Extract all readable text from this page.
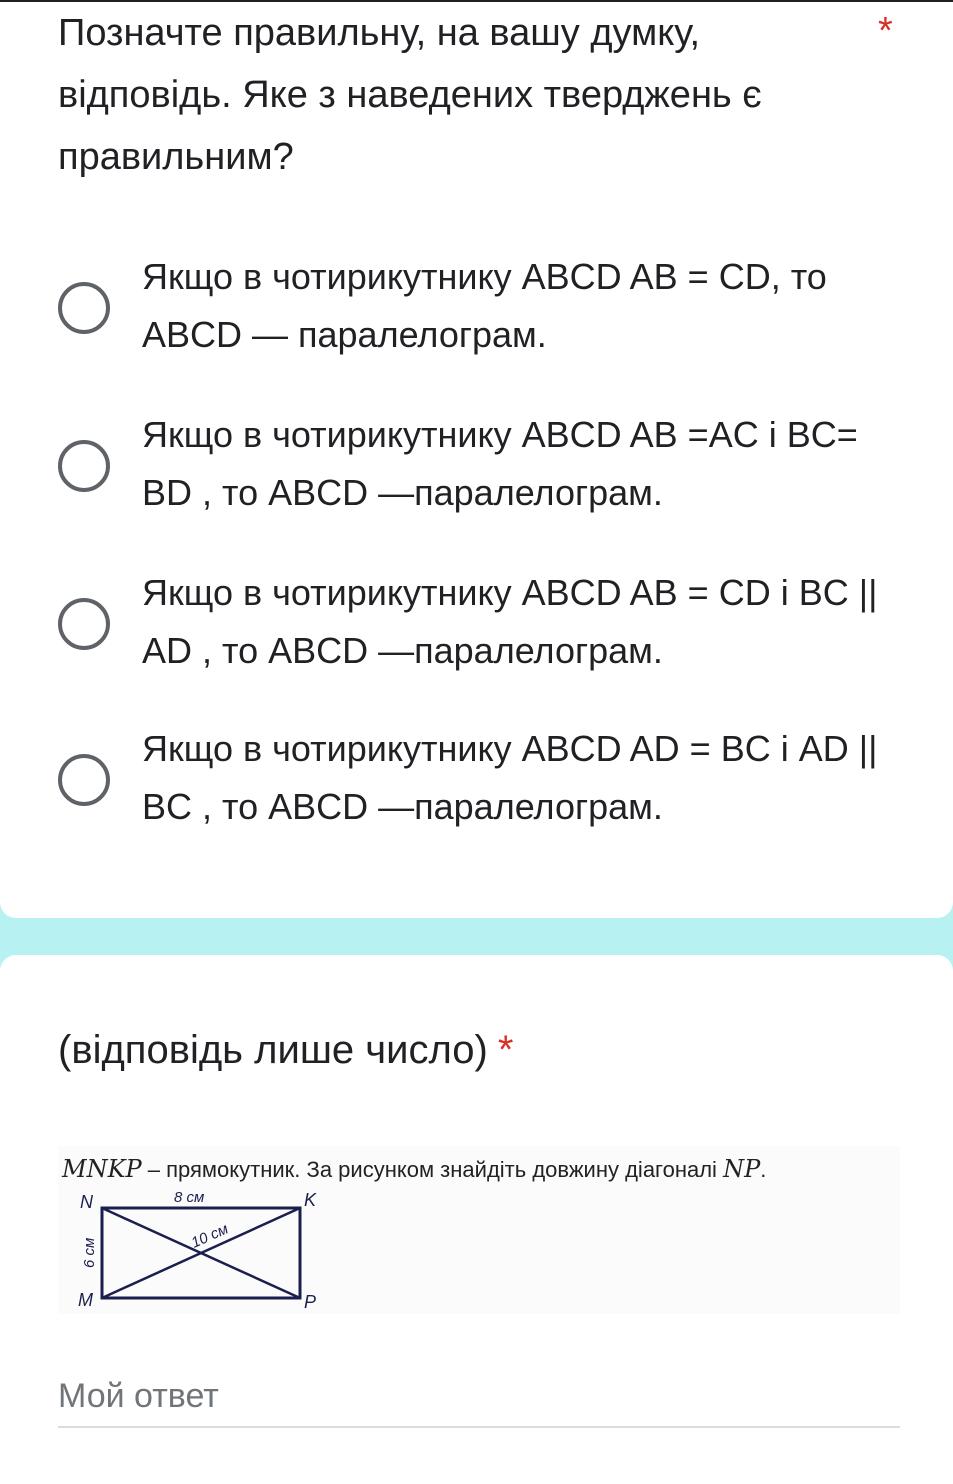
Позначте правильну, на вашу думку, відповідь. Яке з наведених тверджень є правильним?
*
Якщо в чотирикутнику ABCD AB = CD, то ABCD — паралелограм.
Якщо в чотирикутнику ABCD AB =AC і BC= BD , то ABCD —паралелограм.
Якщо в чотирикутнику ABCD AB = CD і BC || AD , то ABCD —паралелограм.
Якщо в чотирикутнику ABCD AD = BC і AD || BC , то ABCD —паралелограм.
(відповідь лише число) *
MNKP – прямокутник. За рисунком знайдіть довжину діагоналі NP.
N	K
M	P
8 см
6 см
10 см
Мой ответ
